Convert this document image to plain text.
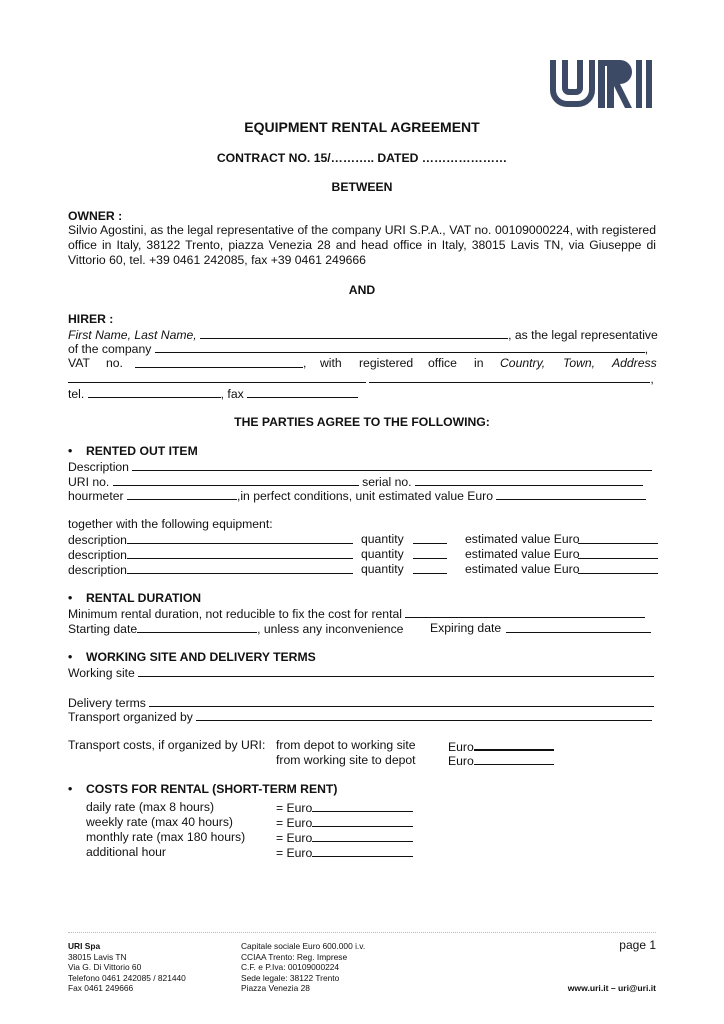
EQUIPMENT RENTAL AGREEMENT
CONTRACT NO. 15/……….. DATED …………………
BETWEEN
OWNER :
Silvio Agostini, as the legal representative of the company URI S.P.A., VAT no. 00109000224, with registered office in Italy, 38122 Trento, piazza Venezia 28 and head office in Italy, 38015 Lavis TN, via Giuseppe di Vittorio 60, tel. +39 0461 242085, fax +39 0461 249666
AND
HIRER :
First Name, Last Name,	, as the legal representative
of the company	,
VAT no.	, with registered office in Country, Town, Address
,
tel.	, fax
THE PARTIES AGREE TO THE FOLLOWING:
• RENTED OUT ITEM
Description
URI no.	serial no.
hourmeter	,in perfect conditions, unit estimated value Euro
together with the following equipment:
description	quantity	estimated value Euro
description	quantity	estimated value Euro
description	quantity	estimated value Euro
• RENTAL DURATION
Minimum rental duration, not reducible to fix the cost for rental
Starting date	, unless any inconvenience Expiring date
• WORKING SITE AND DELIVERY TERMS
Working site
Delivery terms
Transport organized by
Transport costs, if organized by URI: from depot to working site	Euro
from working site to depot	Euro
• COSTS FOR RENTAL (SHORT-TERM RENT)
daily rate (max 8 hours)	= Euro
weekly rate (max 40 hours)	= Euro
monthly rate (max 180 hours)	= Euro
additional hour	= Euro
URI Spa
38015 Lavis TN
Via G. Di Vittorio 60
Telefono 0461 242085 / 821440
Fax 0461 249666
Capitale sociale Euro 600.000 i.v.
CCIAA Trento: Reg. Imprese
C.F. e P.Iva: 00109000224
Sede legale: 38122 Trento
Piazza Venezia 28
page 1
www.uri.it – uri@uri.it
